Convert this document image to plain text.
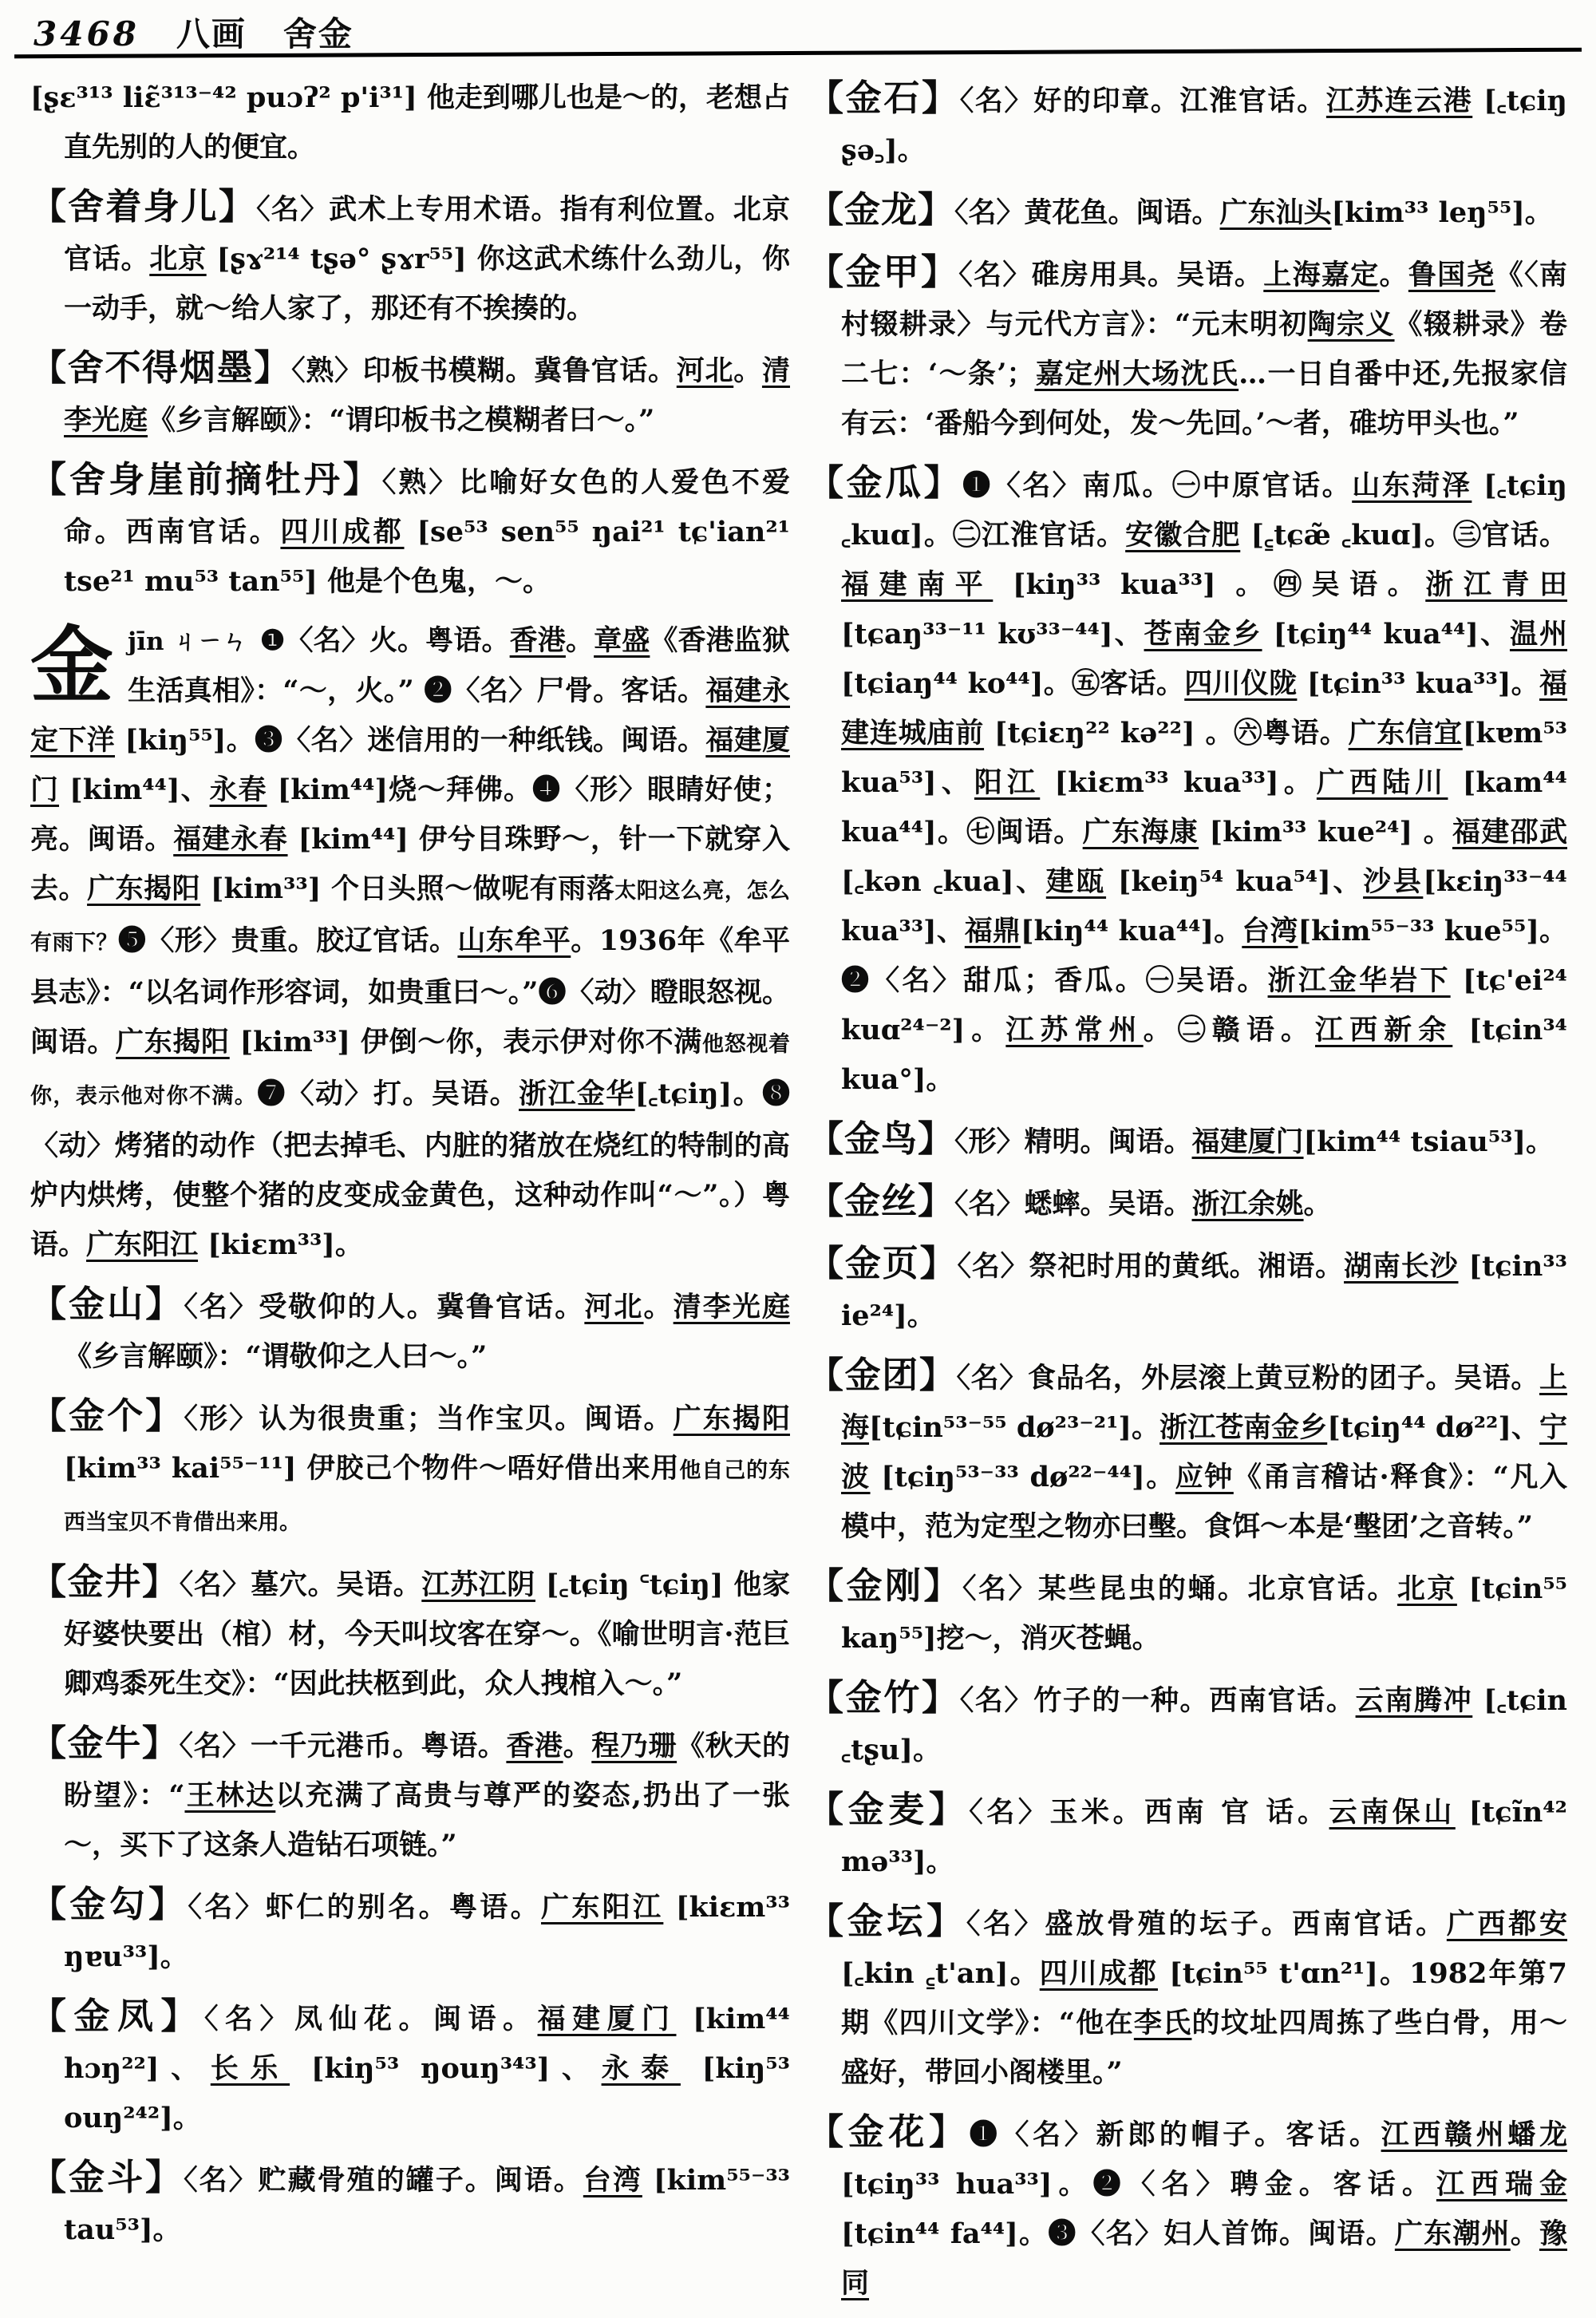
3468 八画 舍金
[ʂɛ³¹³ liɛ̃³¹³⁻⁴² puɔʔ² p'i³¹] 他走到哪儿也是～的，老想占直先别的人的便宜。
【舍着身儿】〈名〉武术上专用术语。指有利位置。北京官话。北京 [ʂɤ²¹⁴ tʂə° ʂɤr⁵⁵] 你这武术练什么劲儿，你一动手，就～给人家了，那还有不挨揍的。
【舍不得烟墨】〈熟〉印板书模糊。冀鲁官话。河北。清李光庭《乡言解颐》：“谓印板书之模糊者曰～。”
【舍身崖前摘牡丹】〈熟〉比喻好女色的人爱色不爱命。西南官话。四川成都 [se⁵³ sen⁵⁵ ŋai²¹ tɕ'ian²¹ tse²¹ mu⁵³ tan⁵⁵] 他是个色鬼，～。
金jīn ㄐㄧㄣ ❶〈名〉火。粤语。香港。章盛《香港监狱生活真相》：“～，火。” ❷〈名〉尸骨。客话。福建永定下洋 [kiŋ⁵⁵]。❸〈名〉迷信用的一种纸钱。闽语。福建厦门 [kim⁴⁴]、永春 [kim⁴⁴]烧～拜佛。❹〈形〉眼睛好使；亮。闽语。福建永春 [kim⁴⁴] 伊兮目珠野～，针一下就穿入去。广东揭阳 [kim³³] 个日头照～做呢有雨落太阳这么亮，怎么有雨下？❺〈形〉贵重。胶辽官话。山东牟平。1936年《牟平县志》：“以名词作形容词，如贵重曰～。”❻〈动〉瞪眼怒视。闽语。广东揭阳 [kim³³] 伊倒～你，表示伊对你不满他怒视着你，表示他对你不满。❼〈动〉打。吴语。浙江金华[꜀tɕiŋ]。❽〈动〉烤猪的动作（把去掉毛、内脏的猪放在烧红的特制的高炉内烘烤，使整个猪的皮变成金黄色，这种动作叫“～”。）粤语。广东阳江 [kiɛm³³]。
【金山】〈名〉受敬仰的人。冀鲁官话。河北。清李光庭《乡言解颐》：“谓敬仰之人曰～。”
【金个】〈形〉认为很贵重；当作宝贝。闽语。广东揭阳 [kim³³ kai⁵⁵⁻¹¹] 伊胶己个物件～唔好借出来用他自己的东西当宝贝不肯借出来用。
【金井】〈名〉墓穴。吴语。江苏江阴 [꜀tɕiŋ ꜂tɕiŋ] 他家好婆快要出（棺）材，今天叫坟客在穿～。《喻世明言·范巨卿鸡黍死生交》：“因此扶柩到此，众人拽棺入～。”
【金牛】〈名〉一千元港币。粤语。香港。程乃珊《秋天的盼望》：“王林达以充满了高贵与尊严的姿态,扔出了一张～，买下了这条人造钻石项链。”
【金勾】〈名〉虾仁的别名。粤语。广东阳江 [kiɛm³³ ŋɐu³³]。
【金凤】〈名〉凤仙花。闽语。福建厦门 [kim⁴⁴ hɔŋ²²]、长乐 [kiŋ⁵³ ŋouŋ³⁴³]、永泰 [kiŋ⁵³ ouŋ²⁴²]。
【金斗】〈名〉贮藏骨殖的罐子。闽语。台湾 [kim⁵⁵⁻³³ tau⁵³]。
【金石】〈名〉好的印章。江淮官话。江苏连云港 [꜀tɕiŋ ʂə꜆]。
【金龙】〈名〉黄花鱼。闽语。广东汕头[kim³³ leŋ⁵⁵]。
【金甲】〈名〉碓房用具。吴语。上海嘉定。鲁国尧《〈南村辍耕录〉与元代方言》：“元末明初陶宗义《辍耕录》卷二七：‘～条’；嘉定州大场沈氏…一日自番中还,先报家信有云：‘番船今到何处，发～先回。’～者，碓坊甲头也。”
【金瓜】❶〈名〉南瓜。㊀中原官话。山东菏泽 [꜀tɕiŋ ꜀kuɑ]。㊁江淮官话。安徽合肥 [꜁tɕæ̃ ꜀kuɑ]。㊂官话。福建南平 [kiŋ³³ kua³³] 。㊃吴语。浙江青田 [tɕaŋ³³⁻¹¹ kʊ³³⁻⁴⁴]、苍南金乡 [tɕiŋ⁴⁴ kua⁴⁴]、温州 [tɕiaŋ⁴⁴ ko⁴⁴]。㊄客话。四川仪陇 [tɕin³³ kua³³]。福建连城庙前 [tɕiɛŋ²² kə²²] 。㊅粤语。广东信宜[kɐm⁵³ kua⁵³]、阳江 [kiɛm³³ kua³³]。广西陆川 [kam⁴⁴ kua⁴⁴]。㊆闽语。广东海康 [kim³³ kue²⁴] 。福建邵武 [꜀kən ꜀kua]、建瓯 [keiŋ⁵⁴ kua⁵⁴]、沙县[kɛiŋ³³⁻⁴⁴ kua³³]、福鼎[kiŋ⁴⁴ kua⁴⁴]。台湾[kim⁵⁵⁻³³ kue⁵⁵]。❷〈名〉甜瓜；香瓜。㊀吴语。浙江金华岩下 [tɕ'ei²⁴ kuɑ²⁴⁻²]。江苏常州。㊁赣语。江西新余 [tɕin³⁴ kua°]。
【金鸟】〈形〉精明。闽语。福建厦门[kim⁴⁴ tsiau⁵³]。
【金丝】〈名〉蟋蟀。吴语。浙江余姚。
【金页】〈名〉祭祀时用的黄纸。湘语。湖南长沙 [tɕin³³ ie²⁴]。
【金团】〈名〉食品名，外层滚上黄豆粉的团子。吴语。上海[tɕin⁵³⁻⁵⁵ dø²³⁻²¹]。浙江苍南金乡[tɕiŋ⁴⁴ dø²²]、宁波 [tɕiŋ⁵³⁻³³ dø²²⁻⁴⁴]。应钟《甬言稽诂·释食》：“凡入模中，范为定型之物亦曰墼。食饵～本是‘墼团’之音转。”
【金刚】〈名〉某些昆虫的蛹。北京官话。北京 [tɕin⁵⁵ kaŋ⁵⁵]挖～，消灭苍蝇。
【金竹】〈名〉竹子的一种。西南官话。云南腾冲 [꜀tɕin ꜀tʂu]。
【金麦】〈名〉玉米。西南 官 话。云南保山 [tɕĩn⁴² mə³³]。
【金坛】〈名〉盛放骨殖的坛子。西南官话。广西都安 [꜀kin ꜁t'an]。四川成都 [tɕin⁵⁵ t'ɑn²¹]。1982年第7期《四川文学》：“他在李氏的坟址四周拣了些白骨，用～盛好，带回小阁楼里。”
【金花】❶〈名〉新郎的帽子。客话。江西赣州蟠龙 [tɕiŋ³³ hua³³]。❷〈名〉聘金。客话。江西瑞金 [tɕin⁴⁴ fa⁴⁴]。❸〈名〉妇人首饰。闽语。广东潮州。豫同
